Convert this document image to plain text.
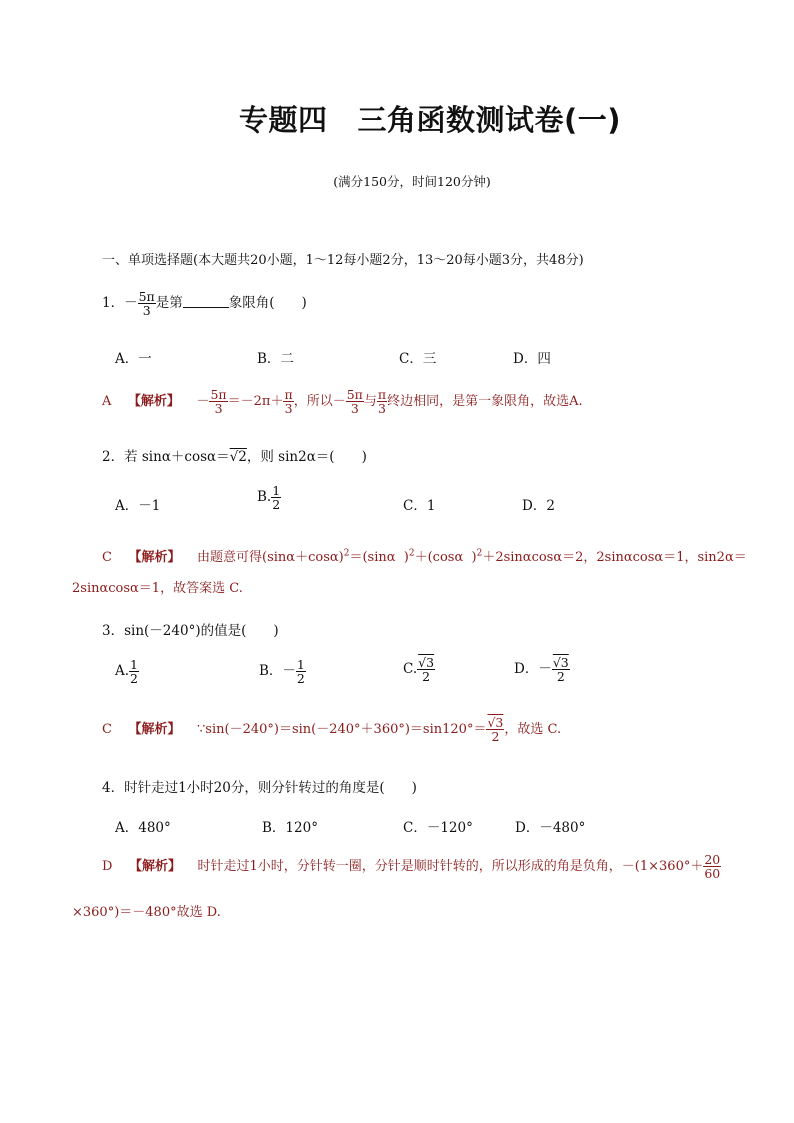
专题四 三角函数测试卷(一)
(满分150分，时间120分钟)
一、单项选择题(本大题共20小题，1～12每小题2分，13～20每小题3分，共48分)
1．－ $\frac{5\pi}{3}$ 是第	象限角(　　)
A．一	B．二	C．三	D．四
A 【解析】 － $\frac{5\pi}{3} =-2\pi+ \frac{\pi}{3}$ ，所以－ $\frac{5\pi}{3}$ 与 $\frac{\pi}{3}$ 终边相同，是第一象限角，故选A.
2．若 sinα＋cosα＝√2，则 sin2α＝(　　)
A．－1
B. $\frac{1}{2}$	C．1	D．2
C 【解析】 由题意可得$(\sin\alpha+\cos\alpha)^2=(\sin\alpha$ )$^2$＋(cosα )$^2$＋2sinαcosα＝2，2sinαcosα＝1，sin2α＝
2sinαcosα＝1，故答案选 C.
3．sin(－240°)的值是(　　)
A. $\frac{1}{2}$	B．－ $\frac{1}{2}$	C. $\frac{√3}{2}$	D．－ $\frac{√3}{2}$
C 【解析】 ∵sin(－240°)＝sin(－240°＋360°)＝sin120°＝ $\frac{√3}{2}$ ，故选 C.
4．时针走过1小时20分，则分针转过的角度是(　　)
A．480°	B．120°	C．－120°	D．－480°
D 【解析】 时针走过1小时，分针转一圈，分针是顺时针转的，所以形成的角是负角，$-(1\times 360^\circ+ \frac{20}{60}$
×360°)＝－480°故选 D.
